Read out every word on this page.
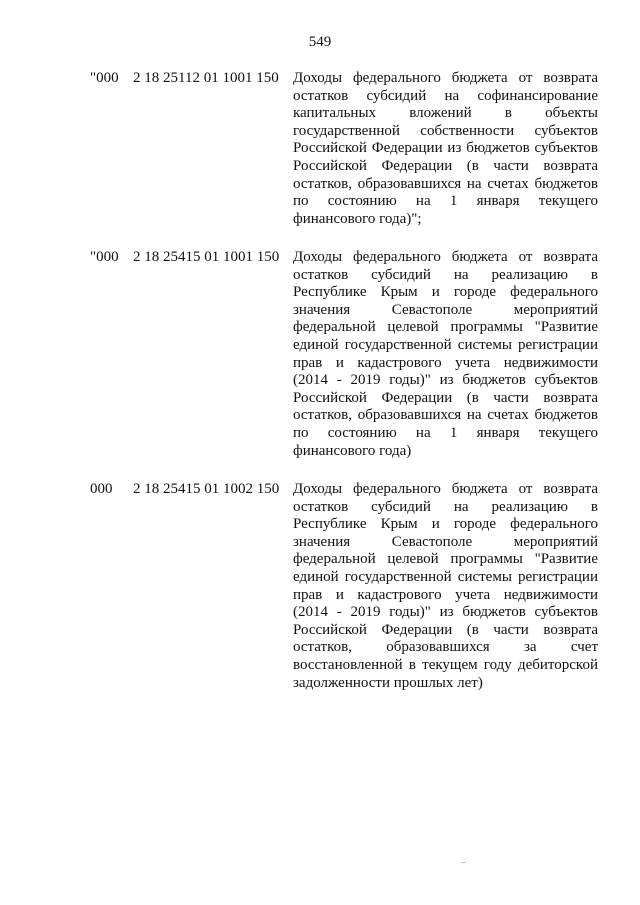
549
"000 2 18 25112 01 1001 150 Доходы федерального бюджета от возврата
остатков субсидий на софинансирование
капитальных вложений в объекты
государственной собственности субъектов
Российской Федерации из бюджетов субъектов
Российской Федерации (в части возврата
остатков, образовавшихся на счетах бюджетов
по состоянию на 1 января текущего
финансового года)";
"000 2 18 25415 01 1001 150 Доходы федерального бюджета от возврата
остатков субсидий на реализацию в
Республике Крым и городе федерального
значения Севастополе мероприятий
федеральной целевой программы "Развитие
единой государственной системы регистрации
прав и кадастрового учета недвижимости
(2014 - 2019 годы)" из бюджетов субъектов
Российской Федерации (в части возврата
остатков, образовавшихся на счетах бюджетов
по состоянию на 1 января текущего
финансового года)
000 2 18 25415 01 1002 150 Доходы федерального бюджета от возврата
остатков субсидий на реализацию в
Республике Крым и городе федерального
значения Севастополе мероприятий
федеральной целевой программы "Развитие
единой государственной системы регистрации
прав и кадастрового учета недвижимости
(2014 - 2019 годы)" из бюджетов субъектов
Российской Федерации (в части возврата
остатков, образовавшихся за счет
восстановленной в текущем году дебиторской
задолженности прошлых лет)
